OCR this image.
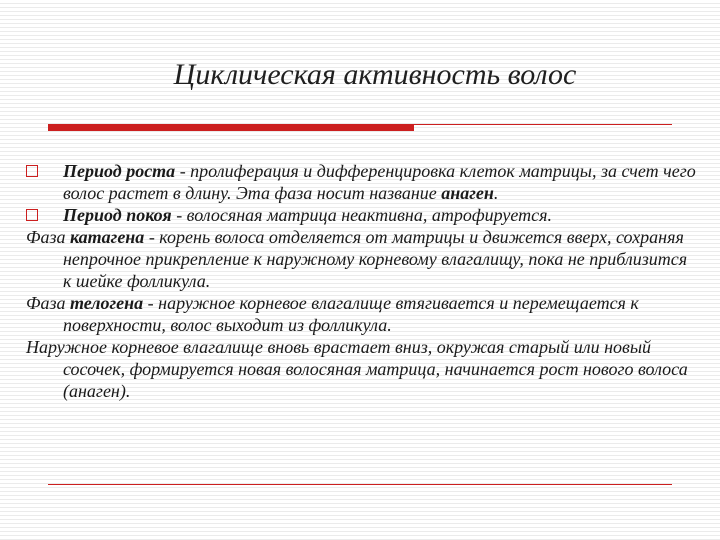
Циклическая активность волос
Период роста - пролиферация и дифференцировка клеток матрицы, за счет чего волос растет в длину. Эта фаза носит название анаген.
Период покоя - волосяная матрица неактивна, атрофируется.
Фаза катагена - корень волоса отделяется от матрицы и движется вверх, сохраняя непрочное прикрепление к наружному корневому влагалищу, пока не приблизится к шейке фолликула.
Фаза телогена - наружное корневое влагалище втягивается и перемещается к поверхности, волос выходит из фолликула.
Наружное корневое влагалище вновь врастает вниз, окружая старый или новый сосочек, формируется новая волосяная матрица, начинается рост нового волоса (анаген).
